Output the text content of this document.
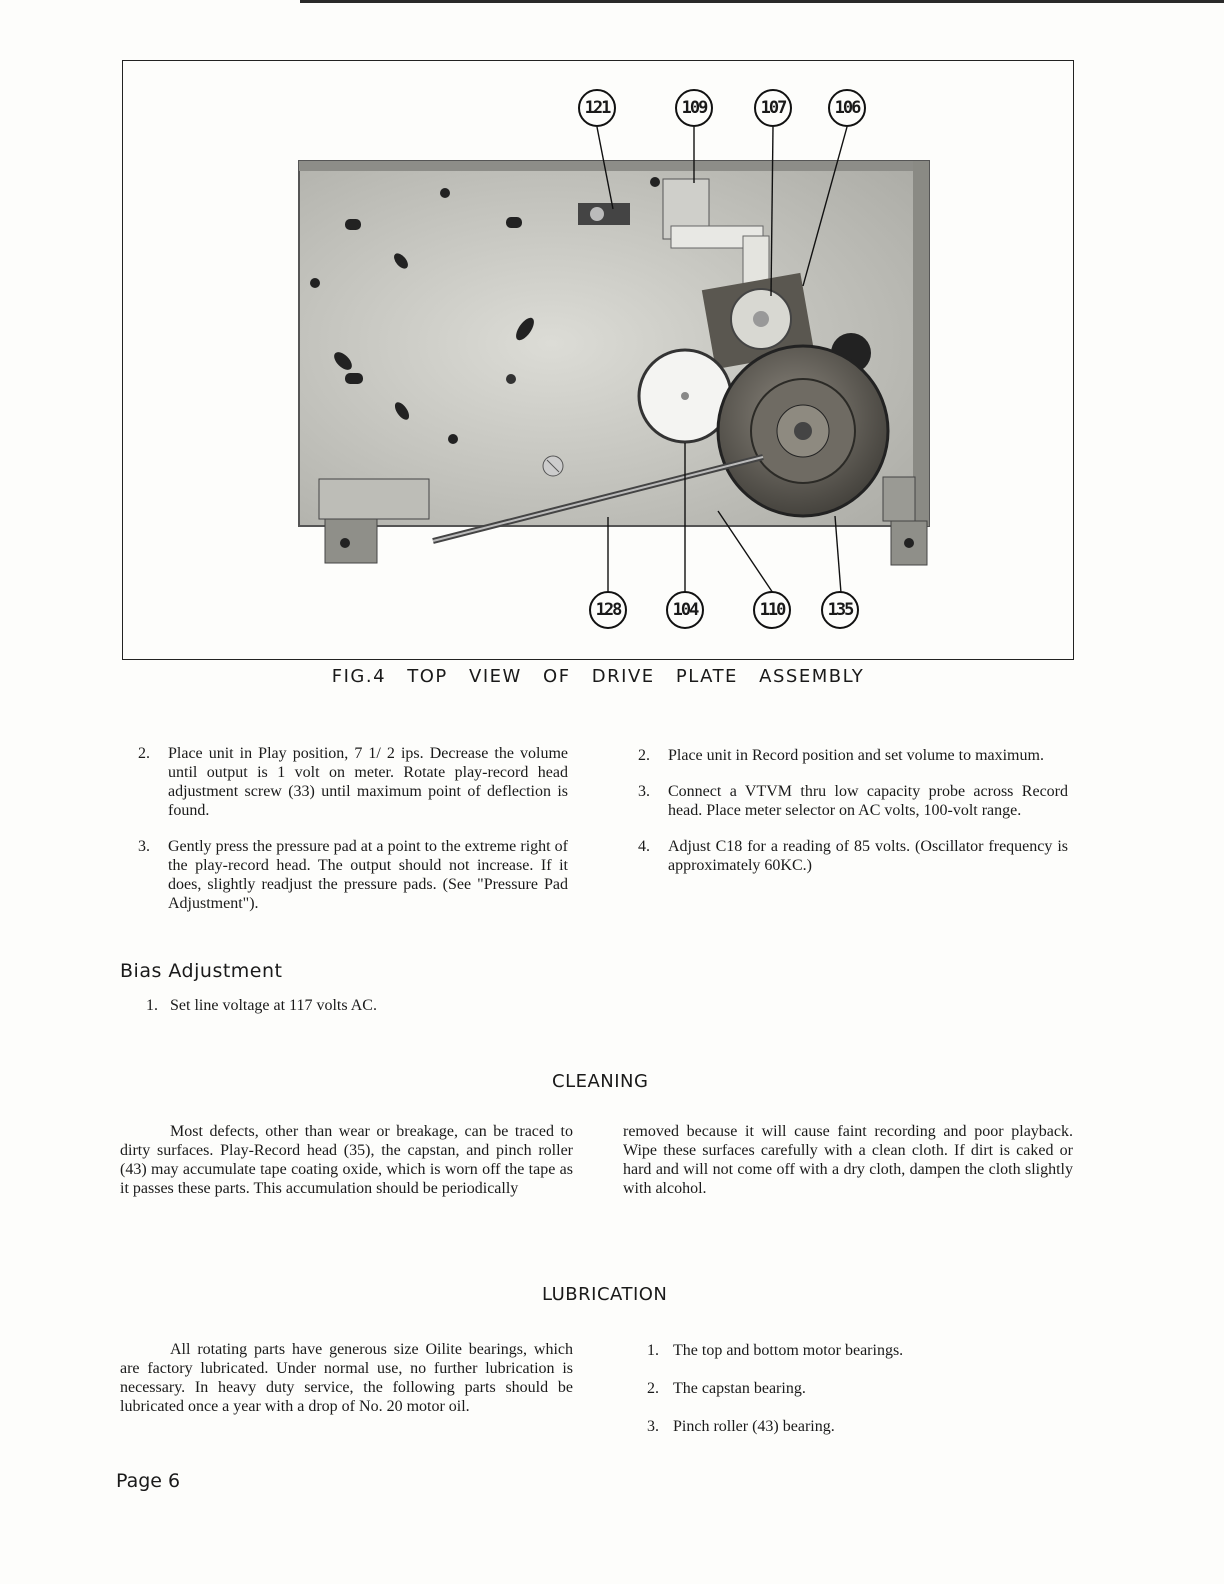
121	109	107	106
128	104	110	135
FIG.4 TOP VIEW OF DRIVE PLATE ASSEMBLY
2. Place unit in Play position, 7 1/ 2 ips. Decrease the volume until output is 1 volt on meter. Rotate play-record head adjustment screw (33) until maximum point of deflection is found.
3. Gently press the pressure pad at a point to the extreme right of the play-record head. The output should not increase. If it does, slightly readjust the pressure pads. (See "Pressure Pad Adjustment").
2. Place unit in Record position and set volume to maximum.
3. Connect a VTVM thru low capacity probe across Record head. Place meter selector on AC volts, 100-volt range.
4. Adjust C18 for a reading of 85 volts. (Oscillator frequency is approximately 60KC.)
Bias Adjustment
1. Set line voltage at 117 volts AC.
CLEANING

Most defects, other than wear or breakage, can be traced to dirty surfaces. Play-Record head (35), the capstan, and pinch roller (43) may accumulate tape coating oxide, which is worn off the tape as it passes these parts. This accumulation should be periodically

removed because it will cause faint recording and poor playback. Wipe these surfaces carefully with a clean cloth. If dirt is caked or hard and will not come off with a dry cloth, dampen the cloth slightly with alcohol.

LUBRICATION

All rotating parts have generous size Oilite bearings, which are factory lubricated. Under normal use, no further lubrication is necessary. In heavy duty service, the following parts should be lubricated once a year with a drop of No. 20 motor oil.

1. The top and bottom motor bearings.
2. The capstan bearing.
3. Pinch roller (43) bearing.
Page 6
